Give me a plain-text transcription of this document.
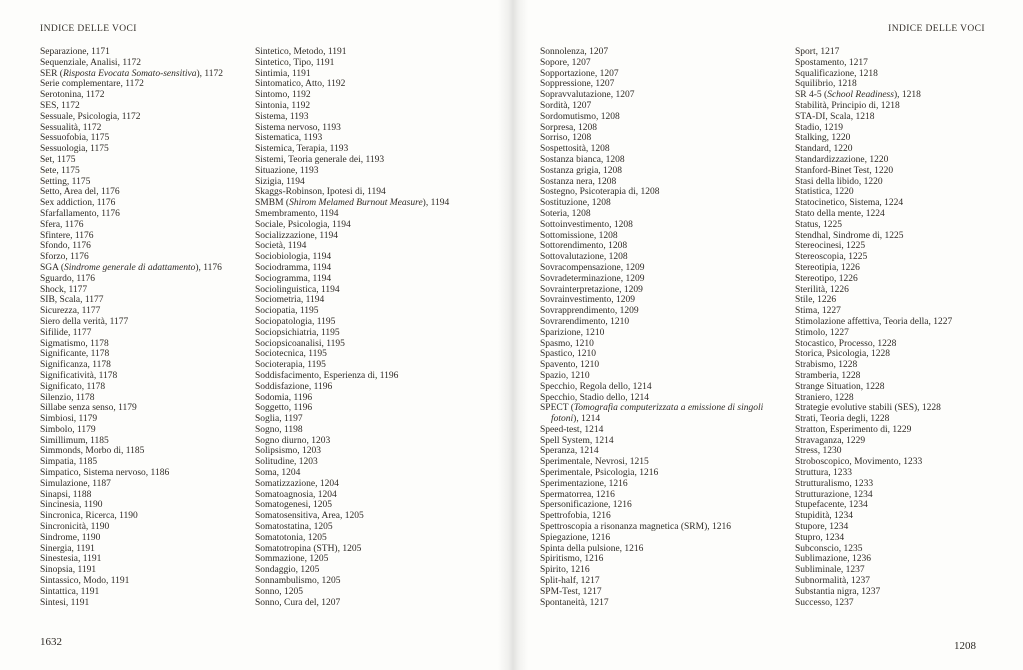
INDICE DELLE VOCI
Separazione, 1171
Sequenziale, Analisi, 1172
SER (Risposta Evocata Somato-sensitiva), 1172
Serie complementare, 1172
Serotonina, 1172
SES, 1172
Sessuale, Psicologia, 1172
Sessualità, 1172
Sessuofobia, 1175
Sessuologia, 1175
Set, 1175
Sete, 1175
Setting, 1175
Setto, Area del, 1176
Sex addiction, 1176
Sfarfallamento, 1176
Sfera, 1176
Sfintere, 1176
Sfondo, 1176
Sforzo, 1176
SGA (Sindrome generale di adattamento), 1176
Sguardo, 1176
Shock, 1177
SIB, Scala, 1177
Sicurezza, 1177
Siero della verità, 1177
Sifilide, 1177
Sigmatismo, 1178
Significante, 1178
Significanza, 1178
Significatività, 1178
Significato, 1178
Silenzio, 1178
Sillabe senza senso, 1179
Simbiosi, 1179
Simbolo, 1179
Simillimum, 1185
Simmonds, Morbo di, 1185
Simpatia, 1185
Simpatico, Sistema nervoso, 1186
Simulazione, 1187
Sinapsi, 1188
Sincinesia, 1190
Sincronica, Ricerca, 1190
Sincronicità, 1190
Sindrome, 1190
Sinergia, 1191
Sinestesia, 1191
Sinopsia, 1191
Sintassico, Modo, 1191
Sintattica, 1191
Sintesi, 1191
Sintetico, Metodo, 1191
Sintetico, Tipo, 1191
Sintimia, 1191
Sintomatico, Atto, 1192
Sintomo, 1192
Sintonia, 1192
Sistema, 1193
Sistema nervoso, 1193
Sistematica, 1193
Sistemica, Terapia, 1193
Sistemi, Teoria generale dei, 1193
Situazione, 1193
Sizigia, 1194
Skaggs-Robinson, Ipotesi di, 1194
SMBM (Shirom Melamed Burnout Measure), 1194
Smembramento, 1194
Sociale, Psicologia, 1194
Socializzazione, 1194
Società, 1194
Sociobiologia, 1194
Sociodramma, 1194
Sociogramma, 1194
Sociolinguistica, 1194
Sociometria, 1194
Sociopatia, 1195
Sociopatologia, 1195
Sociopsichiatria, 1195
Sociopsicoanalisi, 1195
Sociotecnica, 1195
Socioterapia, 1195
Soddisfacimento, Esperienza di, 1196
Soddisfazione, 1196
Sodomia, 1196
Soggetto, 1196
Soglia, 1197
Sogno, 1198
Sogno diurno, 1203
Solipsismo, 1203
Solitudine, 1203
Soma, 1204
Somatizzazione, 1204
Somatoagnosia, 1204
Somatogenesi, 1205
Somatosensitiva, Area, 1205
Somatostatina, 1205
Somatotonia, 1205
Somatotropina (STH), 1205
Sommazione, 1205
Sondaggio, 1205
Sonnambulismo, 1205
Sonno, 1205
Sonno, Cura del, 1207
1632
INDICE DELLE VOCI
Sonnolenza, 1207
Sopore, 1207
Sopportazione, 1207
Soppressione, 1207
Sopravvalutazione, 1207
Sordità, 1207
Sordomutismo, 1208
Sorpresa, 1208
Sorriso, 1208
Sospettosità, 1208
Sostanza bianca, 1208
Sostanza grigia, 1208
Sostanza nera, 1208
Sostegno, Psicoterapia di, 1208
Sostituzione, 1208
Soteria, 1208
Sottoinvestimento, 1208
Sottomissione, 1208
Sottorendimento, 1208
Sottovalutazione, 1208
Sovracompensazione, 1209
Sovradeterminazione, 1209
Sovrainterpretazione, 1209
Sovrainvestimento, 1209
Sovrapprendimento, 1209
Sovrarendimento, 1210
Sparizione, 1210
Spasmo, 1210
Spastico, 1210
Spavento, 1210
Spazio, 1210
Specchio, Regola dello, 1214
Specchio, Stadio dello, 1214
SPECT (Tomografia computerizzata a emissione di singoli fotoni), 1214
Speed-test, 1214
Spell System, 1214
Speranza, 1214
Sperimentale, Nevrosi, 1215
Sperimentale, Psicologia, 1216
Sperimentazione, 1216
Spermatorrea, 1216
Spersonificazione, 1216
Spettrofobia, 1216
Spettroscopia a risonanza magnetica (SRM), 1216
Spiegazione, 1216
Spinta della pulsione, 1216
Spiritismo, 1216
Spirito, 1216
Split-half, 1217
SPM-Test, 1217
Spontaneità, 1217
Sport, 1217
Spostamento, 1217
Squalificazione, 1218
Squilibrio, 1218
SR 4-5 (School Readiness), 1218
Stabilità, Principio di, 1218
STA-DI, Scala, 1218
Stadio, 1219
Stalking, 1220
Standard, 1220
Standardizzazione, 1220
Stanford-Binet Test, 1220
Stasi della libido, 1220
Statistica, 1220
Statocinetico, Sistema, 1224
Stato della mente, 1224
Status, 1225
Stendhal, Sindrome di, 1225
Stereocinesi, 1225
Stereoscopia, 1225
Stereotipia, 1226
Stereotipo, 1226
Sterilità, 1226
Stile, 1226
Stima, 1227
Stimolazione affettiva, Teoria della, 1227
Stimolo, 1227
Stocastico, Processo, 1228
Storica, Psicologia, 1228
Strabismo, 1228
Stramberia, 1228
Strange Situation, 1228
Straniero, 1228
Strategie evolutive stabili (SES), 1228
Strati, Teoria degli, 1228
Stratton, Esperimento di, 1229
Stravaganza, 1229
Stress, 1230
Stroboscopico, Movimento, 1233
Struttura, 1233
Strutturalismo, 1233
Strutturazione, 1234
Stupefacente, 1234
Stupidità, 1234
Stupore, 1234
Stupro, 1234
Subconscio, 1235
Sublimazione, 1236
Subliminale, 1237
Subnormalità, 1237
Substantia nigra, 1237
Successo, 1237
1208
